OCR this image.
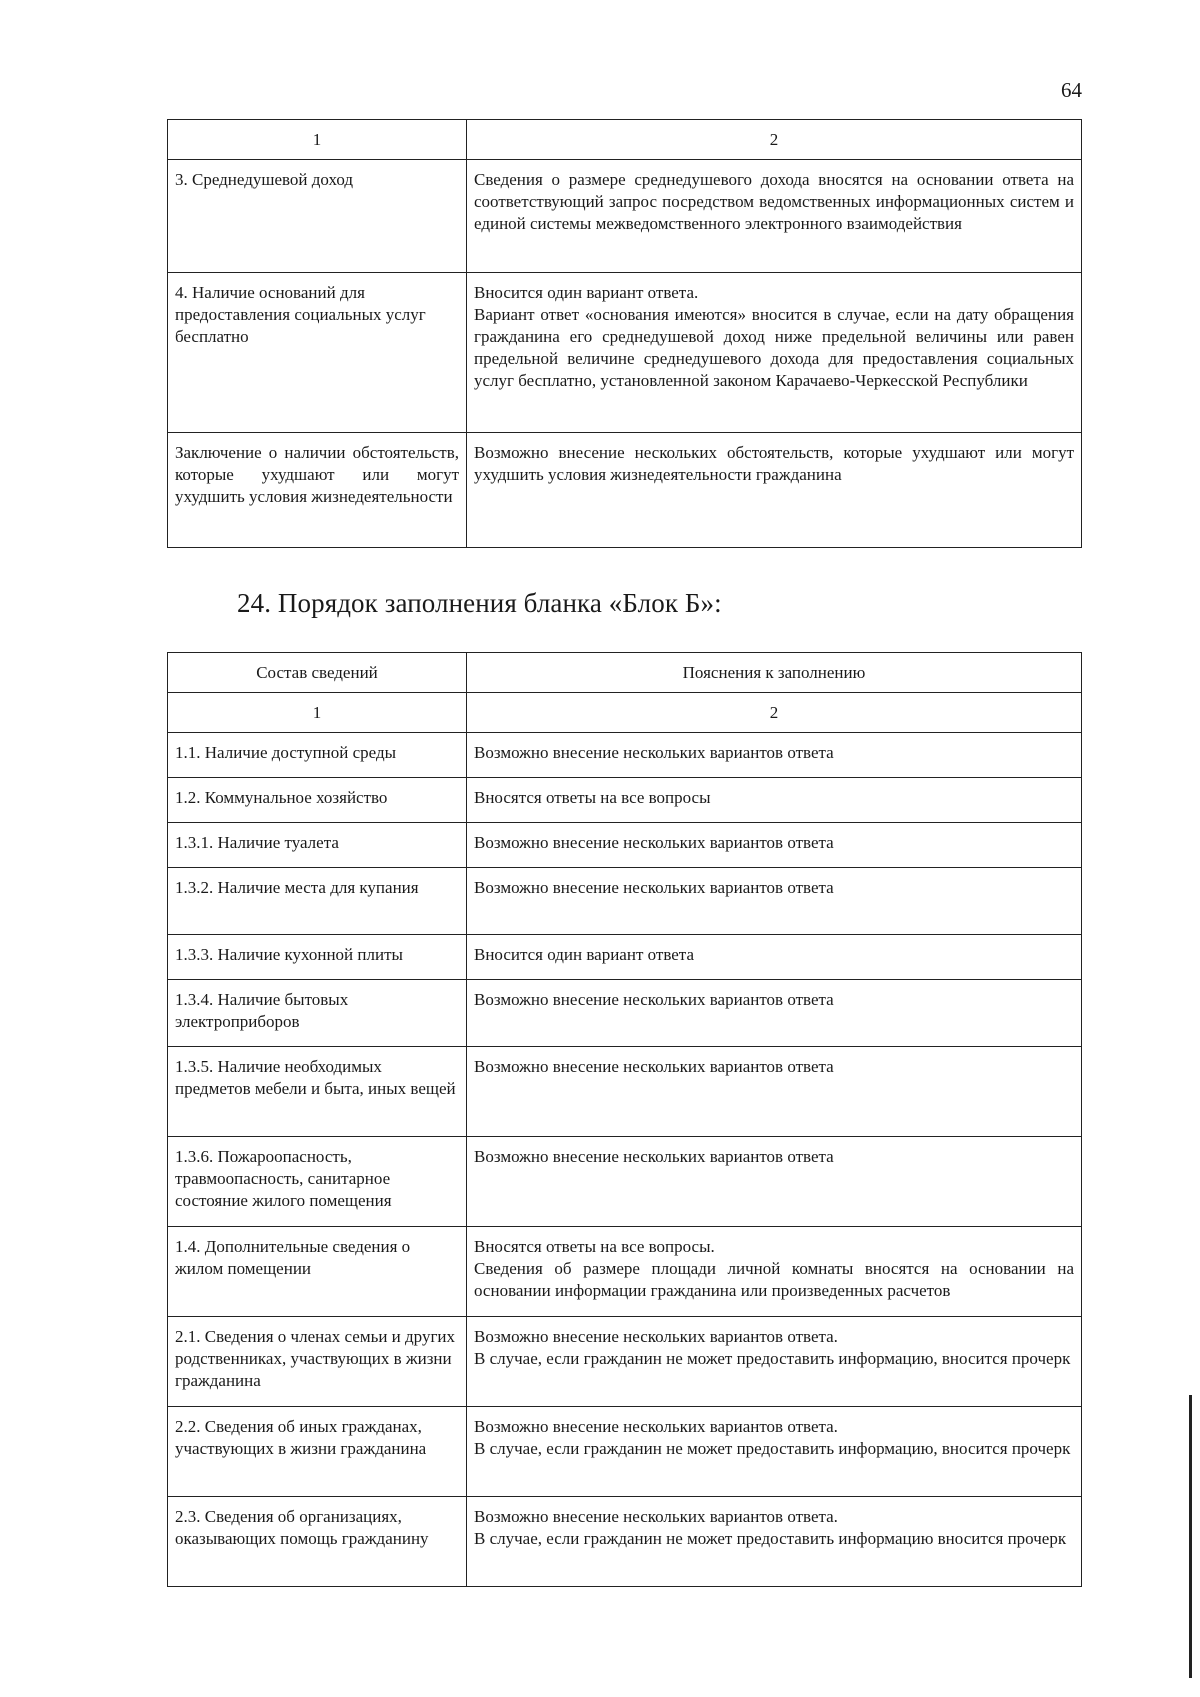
64
1	2
3. Среднедушевой доход	Сведения о размере среднедушевого дохода вносятся на основании ответа на соответствующий запрос посредством ведомственных информационных систем и единой системы межведомственного электронного взаимодействия

4. Наличие оснований для предоставления социальных услуг бесплатно	Вносится один вариант ответа.
Вариант ответ «основания имеются» вносится в случае, если на дату обращения гражданина его среднедушевой доход ниже предельной величины или равен предельной величине среднедушевого дохода для предоставления социальных услуг бесплатно, установленной законом Карачаево-Черкесской Республики

Заключение о наличии обстоятельств, которые ухудшают или могут ухудшить условия жизнедеятельности	Возможно внесение нескольких обстоятельств, которые ухудшают или могут ухудшить условия жизнедеятельности гражданина
24. Порядок заполнения бланка «Блок Б»:
Состав сведений	Пояснения к заполнению
1	2
1.1. Наличие доступной среды	Возможно внесение нескольких вариантов ответа

1.2. Коммунальное хозяйство	Вносятся ответы на все вопросы

1.3.1. Наличие туалета	Возможно внесение нескольких вариантов ответа

1.3.2. Наличие места для купания	Возможно внесение нескольких вариантов ответа

1.3.3. Наличие кухонной плиты	Вносится один вариант ответа

1.3.4. Наличие бытовых электроприборов	Возможно внесение нескольких вариантов ответа

1.3.5. Наличие необходимых предметов мебели и быта, иных вещей	Возможно внесение нескольких вариантов ответа

1.3.6. Пожароопасность, травмоопасность, санитарное состояние жилого помещения	Возможно внесение нескольких вариантов ответа

1.4. Дополнительные сведения о жилом помещении	Вносятся ответы на все вопросы.
Сведения об размере площади личной комнаты вносятся на основании на основании информации гражданина или произведенных расчетов

2.1. Сведения о членах семьи и других родственниках, участвующих в жизни гражданина	Возможно внесение нескольких вариантов ответа.
В случае, если гражданин не может предоставить информацию, вносится прочерк

2.2. Сведения об иных гражданах, участвующих в жизни гражданина	Возможно внесение нескольких вариантов ответа.
В случае, если гражданин не может предоставить информацию, вносится прочерк

2.3. Сведения об организациях, оказывающих помощь гражданину	Возможно внесение нескольких вариантов ответа.
В случае, если гражданин не может предоставить информацию вносится прочерк
